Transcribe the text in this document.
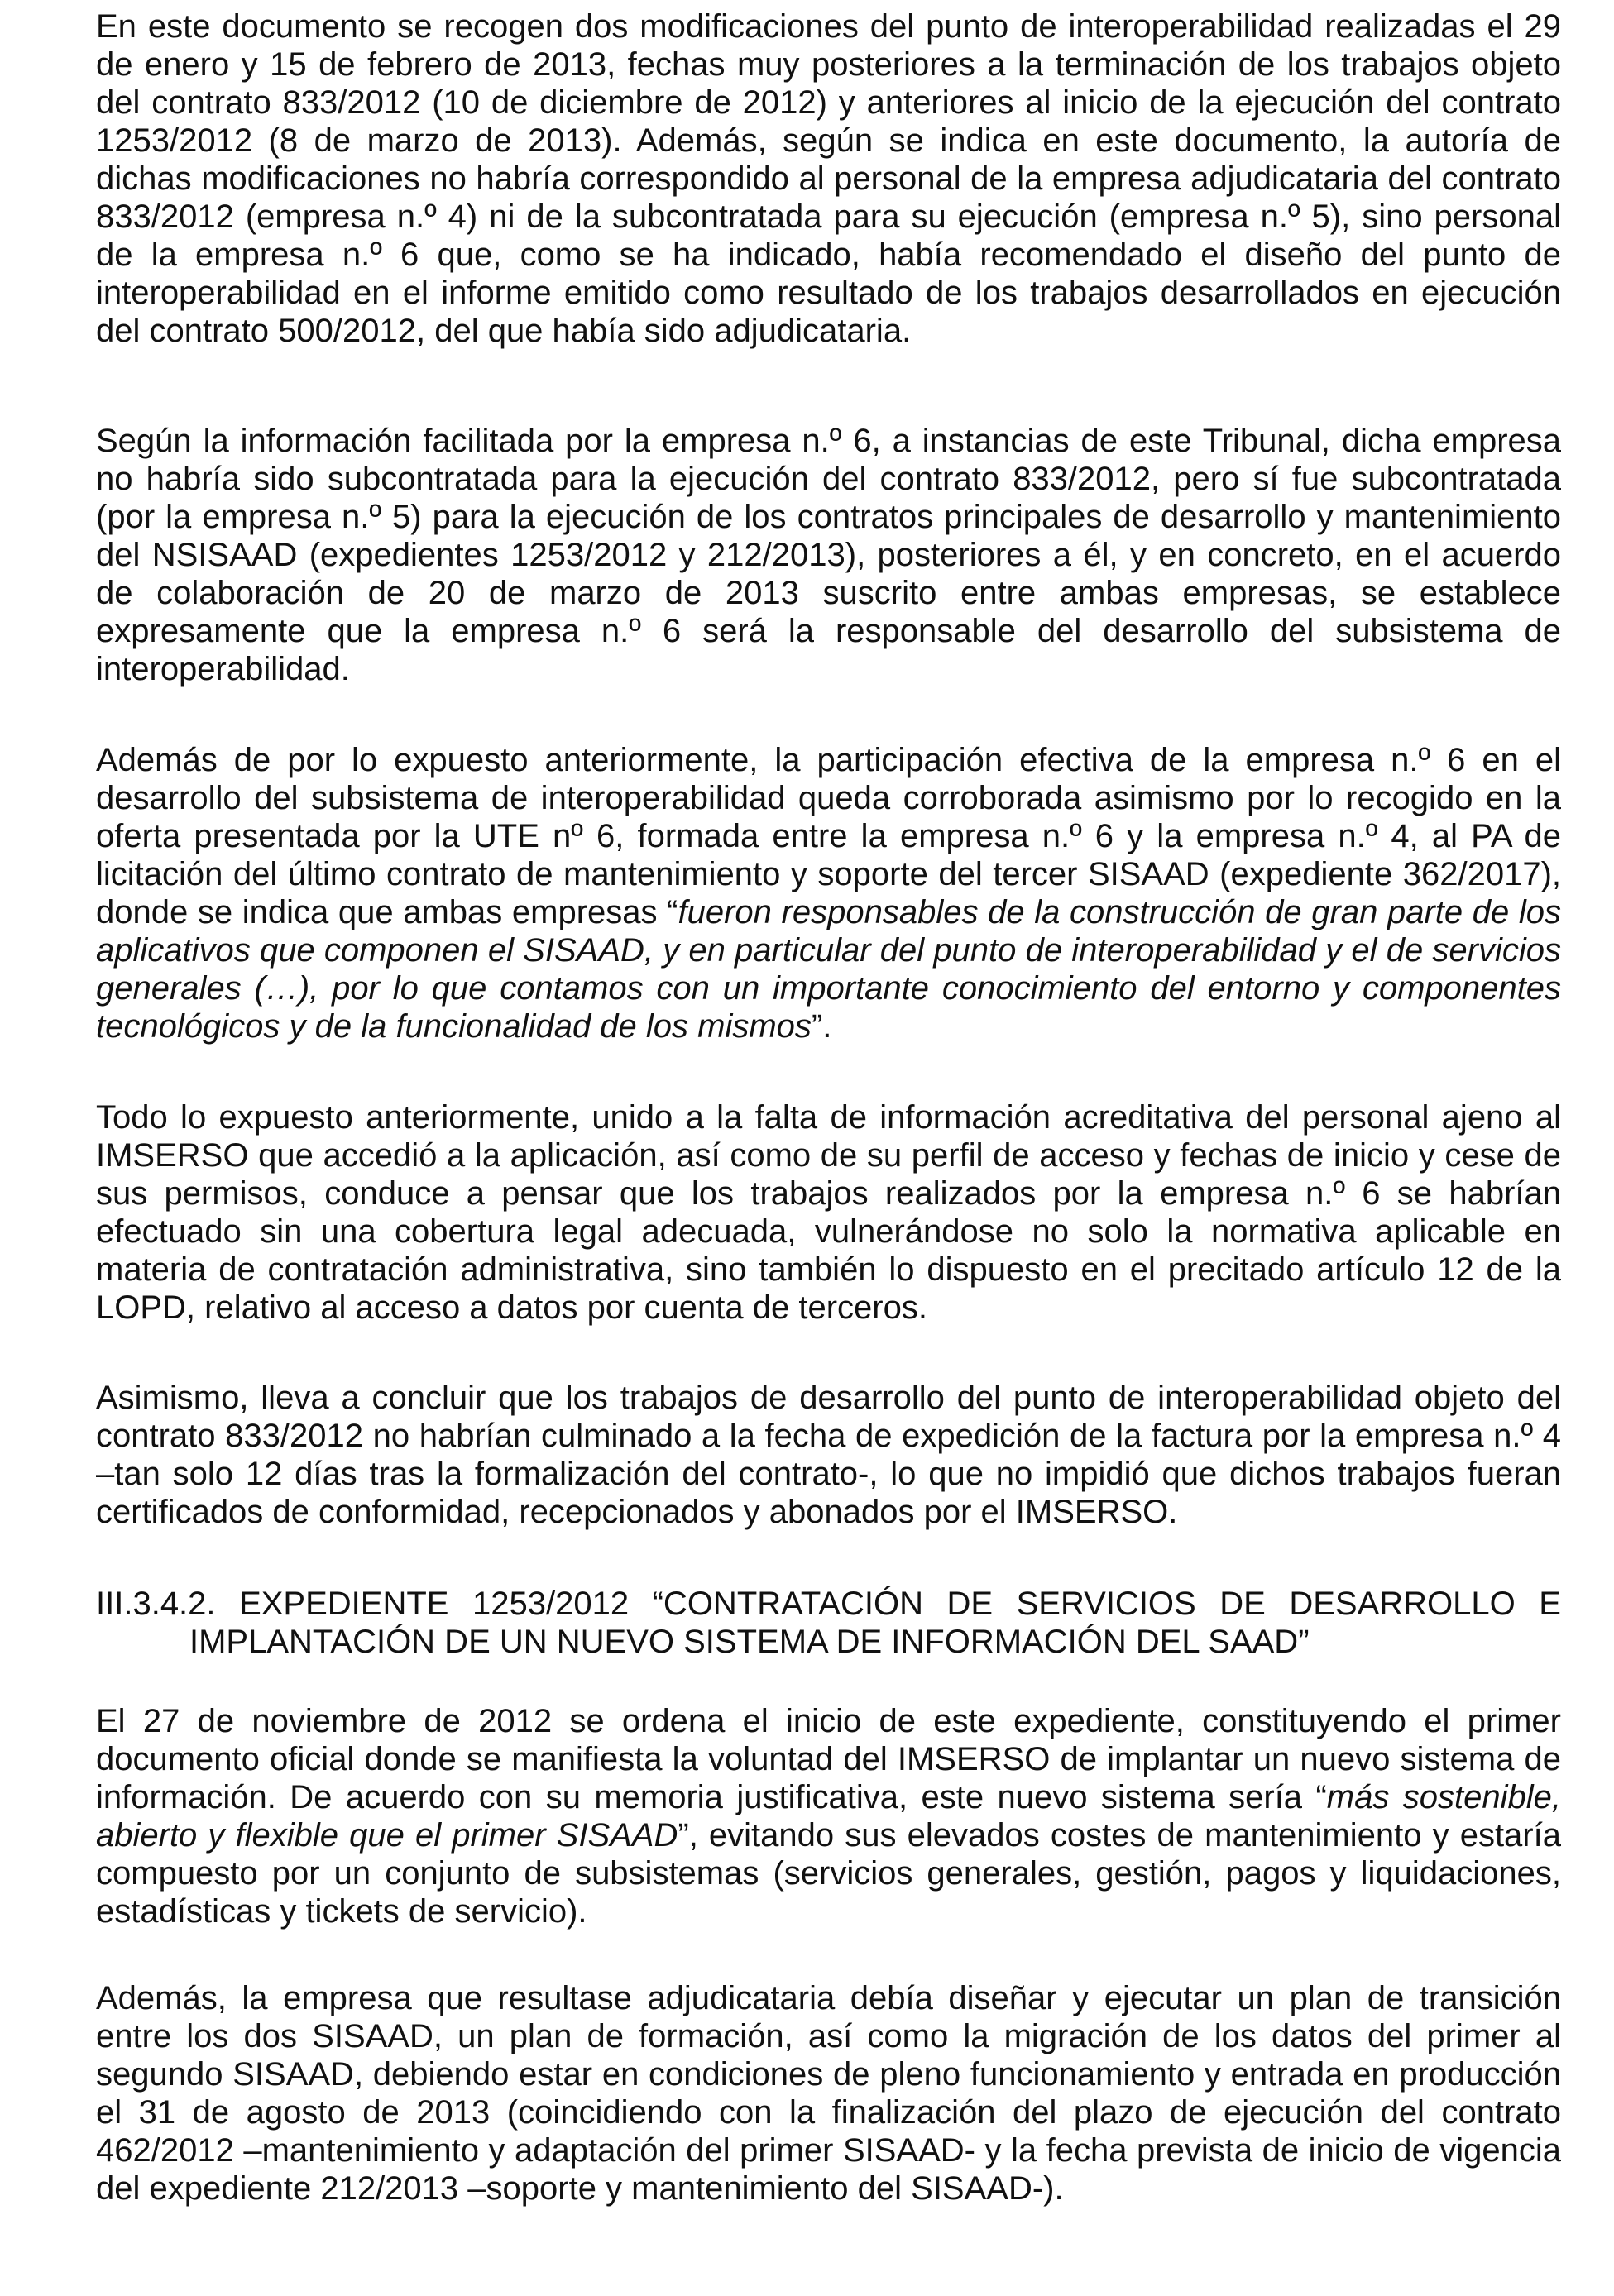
En este documento se recogen dos modificaciones del punto de interoperabilidad realizadas el 29 de enero y 15 de febrero de 2013, fechas muy posteriores a la terminación de los trabajos objeto del contrato 833/2012 (10 de diciembre de 2012) y anteriores al inicio de la ejecución del contrato 1253/2012 (8 de marzo de 2013). Además, según se indica en este documento, la autoría de dichas modificaciones no habría correspondido al personal de la empresa adjudicataria del contrato 833/2012 (empresa n.º 4) ni de la subcontratada para su ejecución (empresa n.º 5), sino personal de la empresa n.º 6 que, como se ha indicado, había recomendado el diseño del punto de interoperabilidad en el informe emitido como resultado de los trabajos desarrollados en ejecución del contrato 500/2012, del que había sido adjudicataria.

Según la información facilitada por la empresa n.º 6, a instancias de este Tribunal, dicha empresa no habría sido subcontratada para la ejecución del contrato 833/2012, pero sí fue subcontratada (por la empresa n.º 5) para la ejecución de los contratos principales de desarrollo y mantenimiento del NSISAAD (expedientes 1253/2012 y 212/2013), posteriores a él, y en concreto, en el acuerdo de colaboración de 20 de marzo de 2013 suscrito entre ambas empresas, se establece expresamente que la empresa n.º 6 será la responsable del desarrollo del subsistema de interoperabilidad.

Además de por lo expuesto anteriormente, la participación efectiva de la empresa n.º 6 en el desarrollo del subsistema de interoperabilidad queda corroborada asimismo por lo recogido en la oferta presentada por la UTE nº 6, formada entre la empresa n.º 6 y la empresa n.º 4, al PA de licitación del último contrato de mantenimiento y soporte del tercer SISAAD (expediente 362/2017), donde se indica que ambas empresas “fueron responsables de la construcción de gran parte de los aplicativos que componen el SISAAD, y en particular del punto de interoperabilidad y el de servicios generales (…), por lo que contamos con un importante conocimiento del entorno y componentes tecnológicos y de la funcionalidad de los mismos”.

Todo lo expuesto anteriormente, unido a la falta de información acreditativa del personal ajeno al IMSERSO que accedió a la aplicación, así como de su perfil de acceso y fechas de inicio y cese de sus permisos, conduce a pensar que los trabajos realizados por la empresa n.º 6 se habrían efectuado sin una cobertura legal adecuada, vulnerándose no solo la normativa aplicable en materia de contratación administrativa, sino también lo dispuesto en el precitado artículo 12 de la LOPD, relativo al acceso a datos por cuenta de terceros.

Asimismo, lleva a concluir que los trabajos de desarrollo del punto de interoperabilidad objeto del contrato 833/2012 no habrían culminado a la fecha de expedición de la factura por la empresa n.º 4 –tan solo 12 días tras la formalización del contrato-, lo que no impidió que dichos trabajos fueran certificados de conformidad, recepcionados y abonados por el IMSERSO.

III.3.4.2. EXPEDIENTE 1253/2012 “CONTRATACIÓN DE SERVICIOS DE DESARROLLO E
IMPLANTACIÓN DE UN NUEVO SISTEMA DE INFORMACIÓN DEL SAAD”

El 27 de noviembre de 2012 se ordena el inicio de este expediente, constituyendo el primer documento oficial donde se manifiesta la voluntad del IMSERSO de implantar un nuevo sistema de información. De acuerdo con su memoria justificativa, este nuevo sistema sería “más sostenible, abierto y flexible que el primer SISAAD”, evitando sus elevados costes de mantenimiento y estaría compuesto por un conjunto de subsistemas (servicios generales, gestión, pagos y liquidaciones, estadísticas y tickets de servicio).

Además, la empresa que resultase adjudicataria debía diseñar y ejecutar un plan de transición entre los dos SISAAD, un plan de formación, así como la migración de los datos del primer al segundo SISAAD, debiendo estar en condiciones de pleno funcionamiento y entrada en producción el 31 de agosto de 2013 (coincidiendo con la finalización del plazo de ejecución del contrato 462/2012 –mantenimiento y adaptación del primer SISAAD- y la fecha prevista de inicio de vigencia del expediente 212/2013 –soporte y mantenimiento del SISAAD-).
